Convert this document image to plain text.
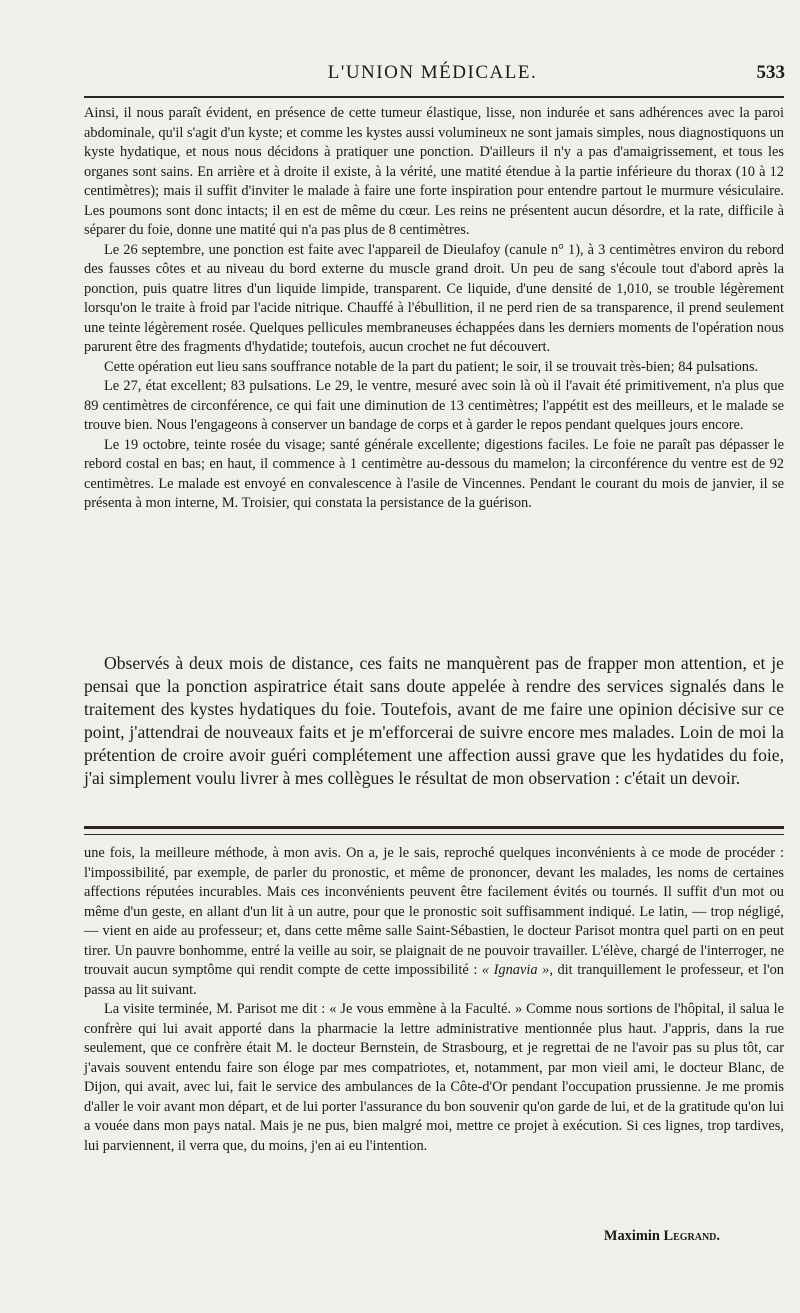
L'UNION MÉDICALE.	533

Ainsi, il nous paraît évident, en présence de cette tumeur élastique, lisse, non indurée et sans adhérences avec la paroi abdominale, qu'il s'agit d'un kyste; et comme les kystes aussi volumineux ne sont jamais simples, nous diagnostiquons un kyste hydatique, et nous nous décidons à pratiquer une ponction. D'ailleurs il n'y a pas d'amaigrissement, et tous les organes sont sains. En arrière et à droite il existe, à la vérité, une matité étendue à la partie inférieure du thorax (10 à 12 centimètres); mais il suffit d'inviter le malade à faire une forte inspiration pour entendre partout le murmure vésiculaire. Les poumons sont donc intacts; il en est de même du cœur. Les reins ne présentent aucun désordre, et la rate, difficile à séparer du foie, donne une matité qui n'a pas plus de 8 centimètres.

Le 26 septembre, une ponction est faite avec l'appareil de Dieulafoy (canule n° 1), à 3 centimètres environ du rebord des fausses côtes et au niveau du bord externe du muscle grand droit. Un peu de sang s'écoule tout d'abord après la ponction, puis quatre litres d'un liquide limpide, transparent. Ce liquide, d'une densité de 1,010, se trouble légèrement lorsqu'on le traite à froid par l'acide nitrique. Chauffé à l'ébullition, il ne perd rien de sa transparence, il prend seulement une teinte légèrement rosée. Quelques pellicules membraneuses échappées dans les derniers moments de l'opération nous parurent être des fragments d'hydatide; toutefois, aucun crochet ne fut découvert.

Cette opération eut lieu sans souffrance notable de la part du patient; le soir, il se trouvait très-bien; 84 pulsations.

Le 27, état excellent; 83 pulsations. Le 29, le ventre, mesuré avec soin là où il l'avait été primitivement, n'a plus que 89 centimètres de circonférence, ce qui fait une diminution de 13 centimètres; l'appétit est des meilleurs, et le malade se trouve bien. Nous l'engageons à conserver un bandage de corps et à garder le repos pendant quelques jours encore.

Le 19 octobre, teinte rosée du visage; santé générale excellente; digestions faciles. Le foie ne paraît pas dépasser le rebord costal en bas; en haut, il commence à 1 centimètre au-dessous du mamelon; la circonférence du ventre est de 92 centimètres. Le malade est envoyé en convalescence à l'asile de Vincennes. Pendant le courant du mois de janvier, il se présenta à mon interne, M. Troisier, qui constata la persistance de la guérison.

Observés à deux mois de distance, ces faits ne manquèrent pas de frapper mon attention, et je pensai que la ponction aspiratrice était sans doute appelée à rendre des services signalés dans le traitement des kystes hydatiques du foie. Toutefois, avant de me faire une opinion décisive sur ce point, j'attendrai de nouveaux faits et je m'efforcerai de suivre encore mes malades. Loin de moi la prétention de croire avoir guéri complétement une affection aussi grave que les hydatides du foie, j'ai simplement voulu livrer à mes collègues le résultat de mon observation : c'était un devoir.

une fois, la meilleure méthode, à mon avis. On a, je le sais, reproché quelques inconvénients à ce mode de procéder : l'impossibilité, par exemple, de parler du pronostic, et même de prononcer, devant les malades, les noms de certaines affections réputées incurables. Mais ces inconvénients peuvent être facilement évités ou tournés. Il suffit d'un mot ou même d'un geste, en allant d'un lit à un autre, pour que le pronostic soit suffisamment indiqué. Le latin, — trop négligé, — vient en aide au professeur; et, dans cette même salle Saint-Sébastien, le docteur Parisot montra quel parti on en peut tirer. Un pauvre bonhomme, entré la veille au soir, se plaignait de ne pouvoir travailler. L'élève, chargé de l'interroger, ne trouvait aucun symptôme qui rendit compte de cette impossibilité : « Ignavia », dit tranquillement le professeur, et l'on passa au lit suivant.

La visite terminée, M. Parisot me dit : « Je vous emmène à la Faculté. » Comme nous sortions de l'hôpital, il salua le confrère qui lui avait apporté dans la pharmacie la lettre administrative mentionnée plus haut. J'appris, dans la rue seulement, que ce confrère était M. le docteur Bernstein, de Strasbourg, et je regrettai de ne l'avoir pas su plus tôt, car j'avais souvent entendu faire son éloge par mes compatriotes, et, notamment, par mon vieil ami, le docteur Blanc, de Dijon, qui avait, avec lui, fait le service des ambulances de la Côte-d'Or pendant l'occupation prussienne. Je me promis d'aller le voir avant mon départ, et de lui porter l'assurance du bon souvenir qu'on garde de lui, et de la gratitude qu'on lui a vouée dans mon pays natal. Mais je ne pus, bien malgré moi, mettre ce projet à exécution. Si ces lignes, trop tardives, lui parviennent, il verra que, du moins, j'en ai eu l'intention.

Maximin Legrand.
